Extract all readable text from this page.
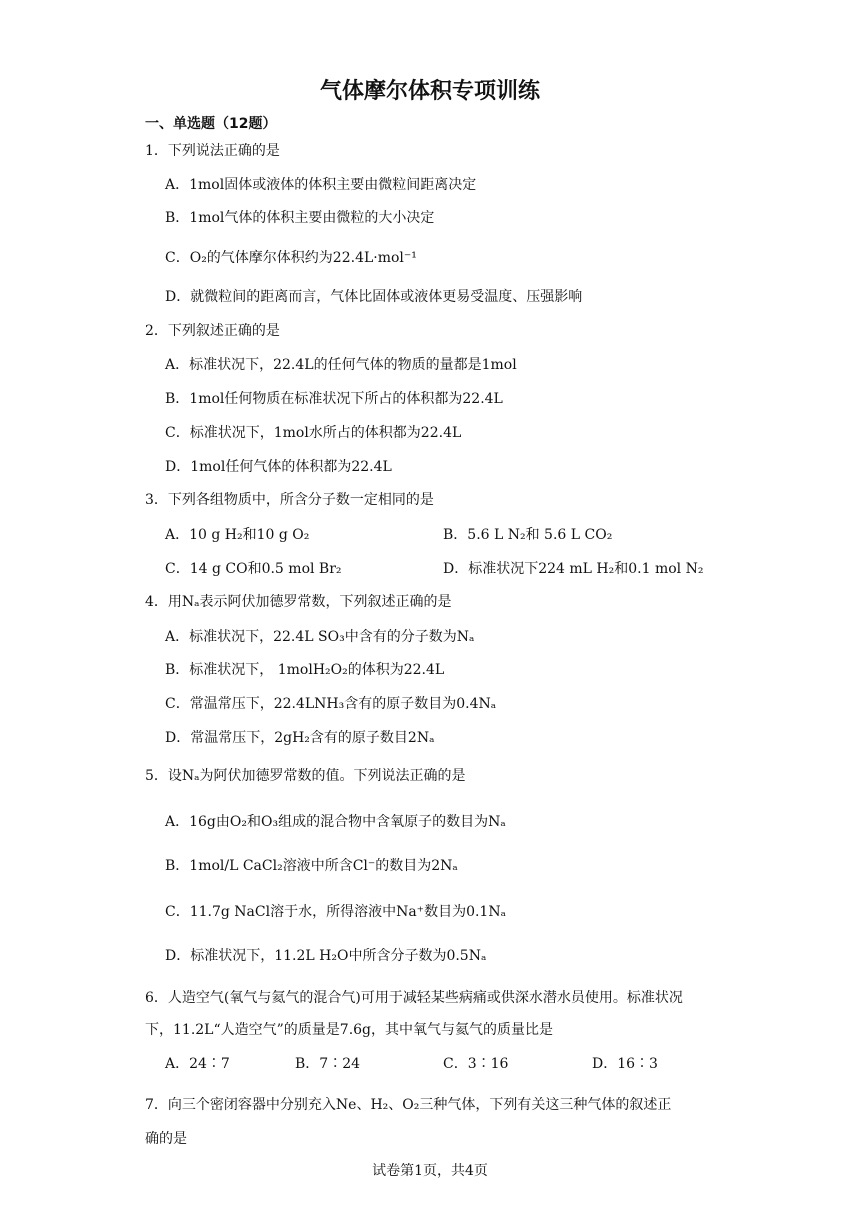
气体摩尔体积专项训练
一、单选题（12题）
1．下列说法正确的是
A．1mol固体或液体的体积主要由微粒间距离决定
B．1mol气体的体积主要由微粒的大小决定
C．O₂的气体摩尔体积约为22.4L·mol⁻¹
D．就微粒间的距离而言，气体比固体或液体更易受温度、压强影响
2．下列叙述正确的是
A．标准状况下，22.4L的任何气体的物质的量都是1mol
B．1mol任何物质在标准状况下所占的体积都为22.4L
C．标准状况下，1mol水所占的体积都为22.4L
D．1mol任何气体的体积都为22.4L
3．下列各组物质中，所含分子数一定相同的是
A．10 g H₂和10 g O₂	B．5.6 L N₂和 5.6 L CO₂
C．14 g CO和0.5 mol Br₂	D．标准状况下224 mL H₂和0.1 mol N₂
4．用Nₐ表示阿伏加德罗常数，下列叙述正确的是
A．标准状况下，22.4L SO₃中含有的分子数为Nₐ
B．标准状况下， 1molH₂O₂的体积为22.4L
C．常温常压下，22.4LNH₃含有的原子数目为0.4Nₐ
D．常温常压下，2gH₂含有的原子数目2Nₐ
5．设Nₐ为阿伏加德罗常数的值。下列说法正确的是
A．16g由O₂和O₃组成的混合物中含氧原子的数目为Nₐ
B．1mol/L CaCl₂溶液中所含Cl⁻的数目为2Nₐ
C．11.7g NaCl溶于水，所得溶液中Na⁺数目为0.1Nₐ
D．标准状况下，11.2L H₂O中所含分子数为0.5Nₐ
6．人造空气(氧气与氦气的混合气)可用于减轻某些病痛或供深水潜水员使用。标准状况
下，11.2L“人造空气”的质量是7.6g，其中氧气与氦气的质量比是
A．24∶7	B．7∶24	C．3∶16	D．16∶3
7．向三个密闭容器中分别充入Ne、H₂、O₂三种气体，下列有关这三种气体的叙述正
确的是
试卷第1页，共4页
